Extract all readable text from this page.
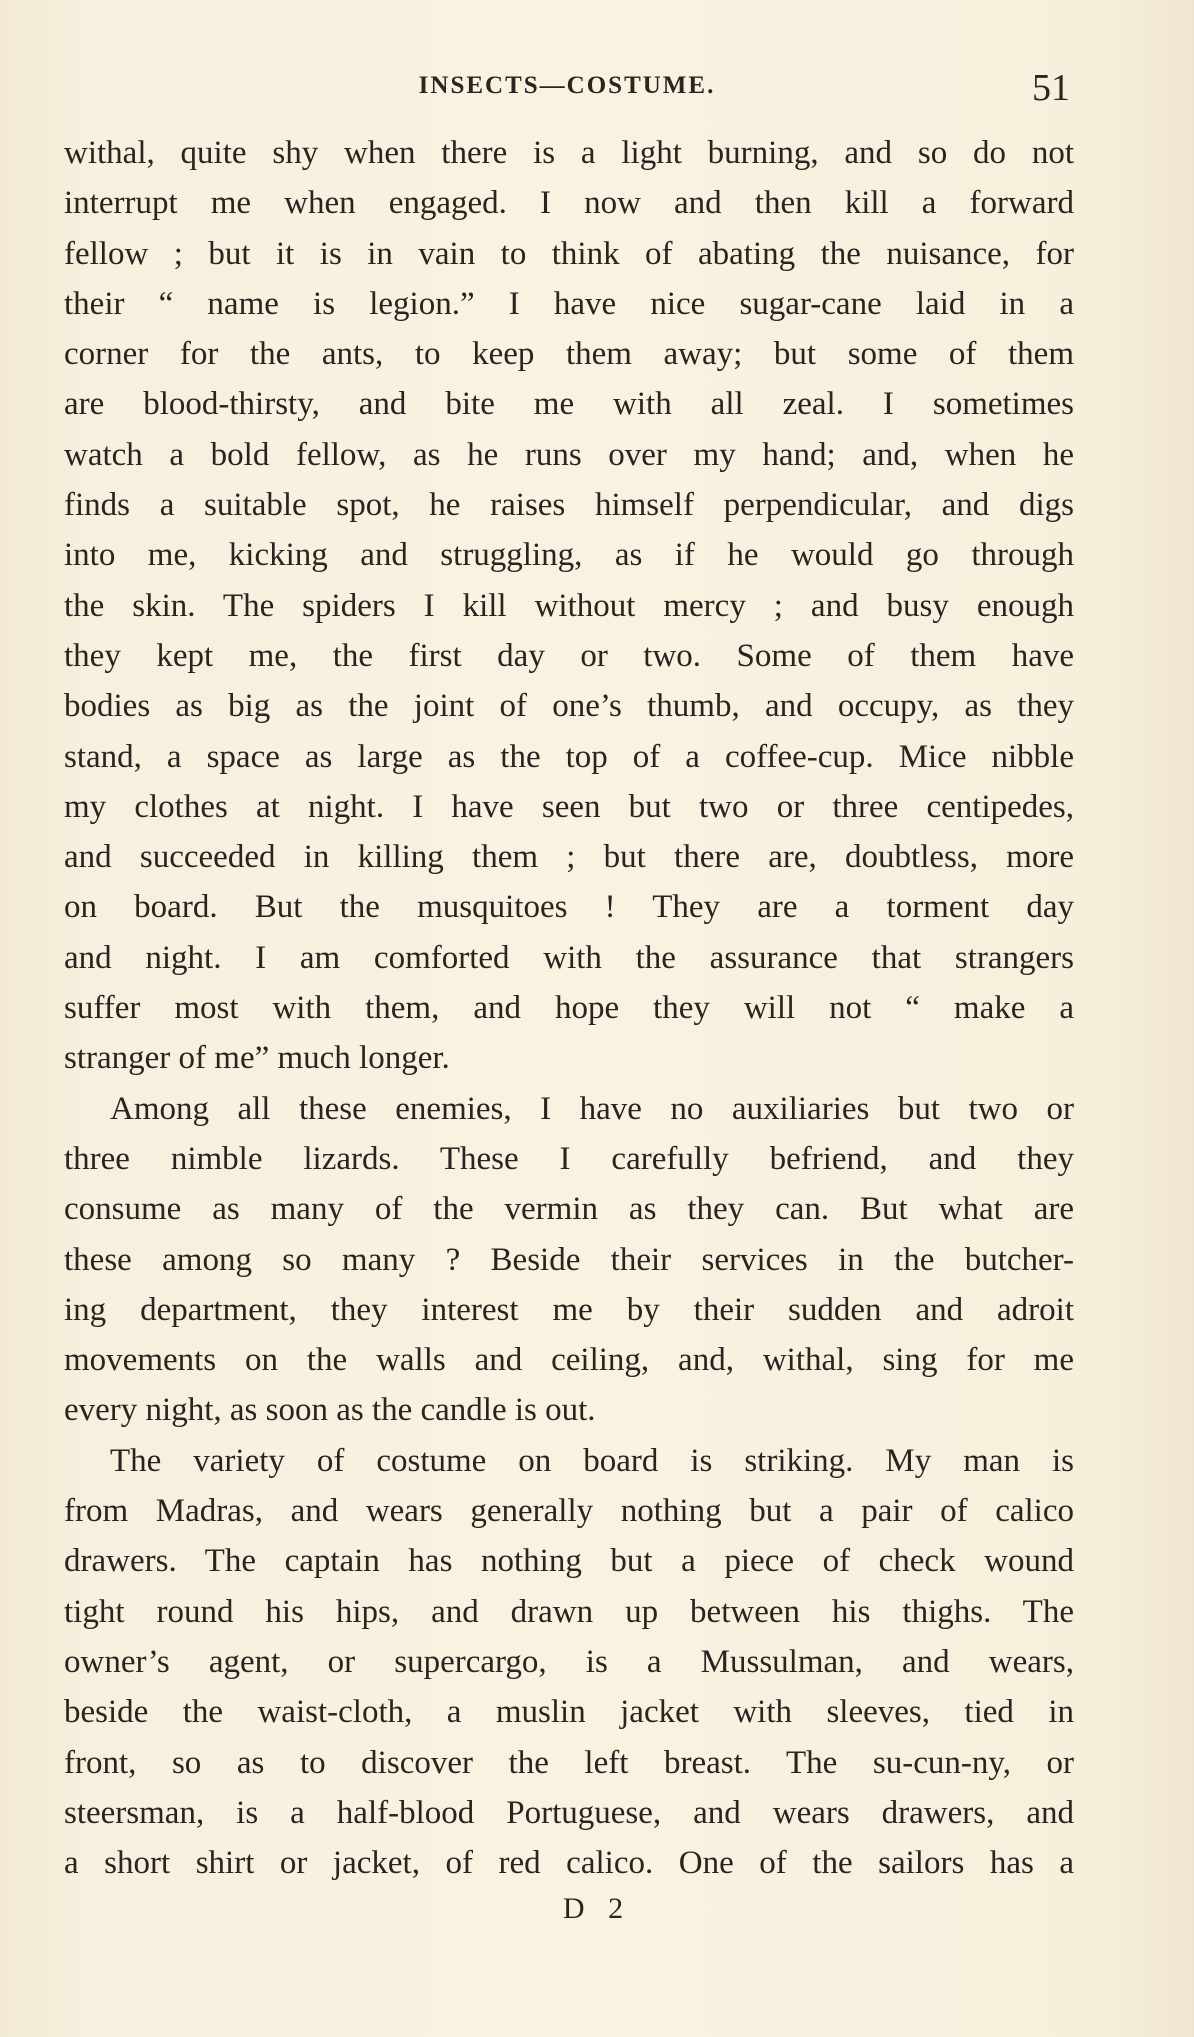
INSECTS—COSTUME.	51
withal, quite shy when there is a light burning, and so do not
interrupt me when engaged. I now and then kill a forward
fellow ; but it is in vain to think of abating the nuisance, for
their “ name is legion.” I have nice sugar-cane laid in a
corner for the ants, to keep them away; but some of them
are blood-thirsty, and bite me with all zeal. I sometimes
watch a bold fellow, as he runs over my hand; and, when he
finds a suitable spot, he raises himself perpendicular, and digs
into me, kicking and struggling, as if he would go through
the skin. The spiders I kill without mercy ; and busy enough
they kept me, the first day or two. Some of them have
bodies as big as the joint of one’s thumb, and occupy, as they
stand, a space as large as the top of a coffee-cup. Mice nibble
my clothes at night. I have seen but two or three centipedes,
and succeeded in killing them ; but there are, doubtless, more
on board. But the musquitoes ! They are a torment day
and night. I am comforted with the assurance that strangers
suffer most with them, and hope they will not “ make a
stranger of me” much longer.
Among all these enemies, I have no auxiliaries but two or
three nimble lizards. These I carefully befriend, and they
consume as many of the vermin as they can. But what are
these among so many ? Beside their services in the butcher-
ing department, they interest me by their sudden and adroit
movements on the walls and ceiling, and, withal, sing for me
every night, as soon as the candle is out.
The variety of costume on board is striking. My man is
from Madras, and wears generally nothing but a pair of calico
drawers. The captain has nothing but a piece of check wound
tight round his hips, and drawn up between his thighs. The
owner’s agent, or supercargo, is a Mussulman, and wears,
beside the waist-cloth, a muslin jacket with sleeves, tied in
front, so as to discover the left breast. The su-cun-ny, or
steersman, is a half-blood Portuguese, and wears drawers, and
a short shirt or jacket, of red calico. One of the sailors has a
D 2
